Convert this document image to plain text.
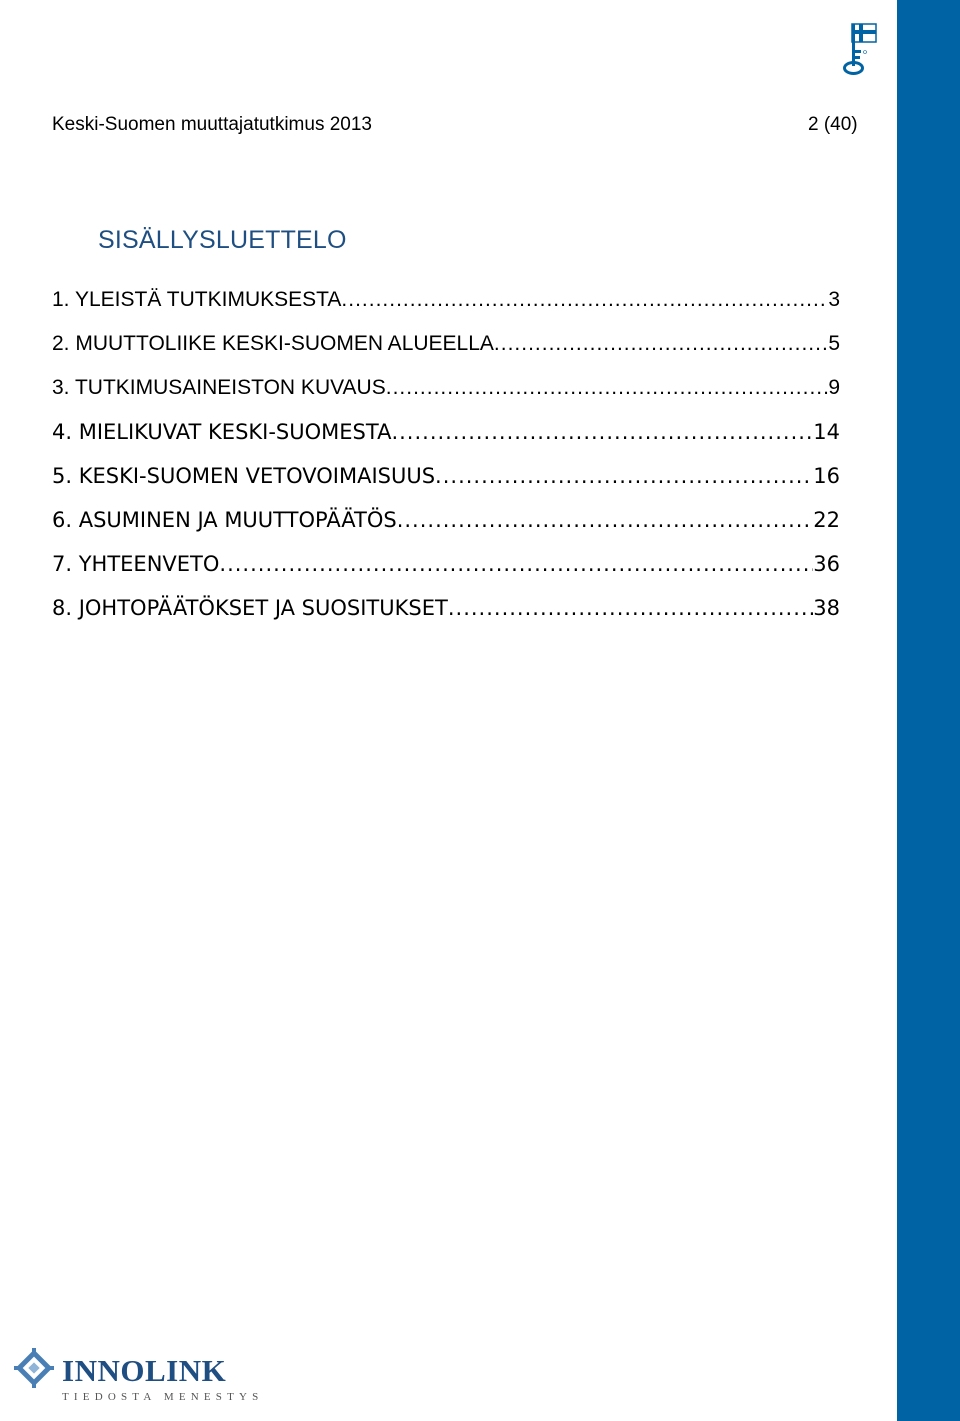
Keski-Suomen muuttajatutkimus 2013	2 (40)
SISÄLLYSLUETTELO
1. YLEISTÄ TUTKIMUKSESTA .....	3
2. MUUTTOLIIKE KESKI-SUOMEN ALUEELLA .....	5
3. TUTKIMUSAINEISTON KUVAUS .....	9
4. MIELIKUVAT KESKI-SUOMESTA .....	14
5. KESKI-SUOMEN VETOVOIMAISUUS .....	16
6. ASUMINEN JA MUUTTOPÄÄTÖS .....	22
7. YHTEENVETO .....	36
8. JOHTOPÄÄTÖKSET JA SUOSITUKSET .....	38
INNOLINK
TIEDOSTA MENESTYS
